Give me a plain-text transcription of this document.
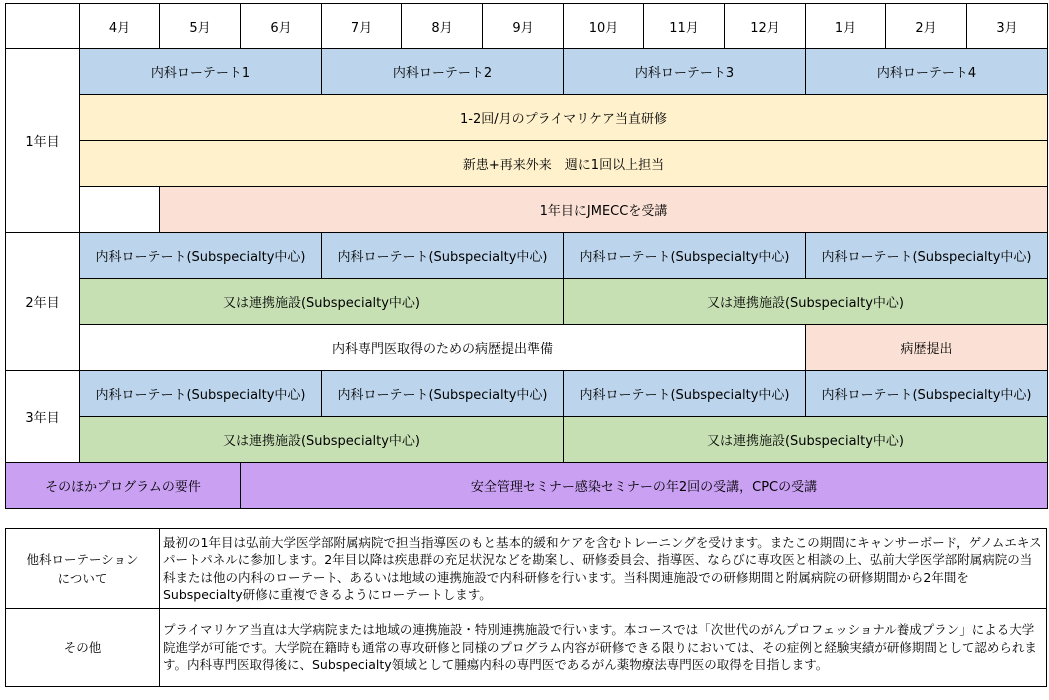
	4月	5月	6月	7月	8月	9月	10月	11月	12月	1月	2月	3月
1年目	内科ローテート1			内科ローテート2			内科ローテート3			内科ローテート4		
	1-2回/月のプライマリケア当直研修											
	新患+再来外来　週に1回以上担当											
		1年目にJMECCを受講										
2年目	内科ローテート(Subspecialty中心)			内科ローテート(Subspecialty中心)			内科ローテート(Subspecialty中心)			内科ローテート(Subspecialty中心)		
	又は連携施設(Subspecialty中心)						又は連携施設(Subspecialty中心)					
	内科専門医取得のための病歴提出準備									病歴提出		
3年目	内科ローテート(Subspecialty中心)			内科ローテート(Subspecialty中心)			内科ローテート(Subspecialty中心)			内科ローテート(Subspecialty中心)		
	又は連携施設(Subspecialty中心)						又は連携施設(Subspecialty中心)					
そのほかプログラムの要件			安全管理セミナー感染セミナーの年2回の受講，CPCの受講									
他科ローテーションについて	最初の1年目は弘前大学医学部附属病院で担当指導医のもと基本的緩和ケアを含むトレーニングを受けます。またこの期間にキャンサーボード，ゲノムエキスパートパネルに参加します。2年目以降は疾患群の充足状況などを勘案し、研修委員会、指導医、ならびに専攻医と相談の上、弘前大学医学部附属病院の当科または他の内科のローテート、あるいは地域の連携施設で内科研修を行います。当科関連施設での研修期間と附属病院の研修期間から2年間をSubspecialty研修に重複できるようにローテートします。
その他	プライマリケア当直は大学病院または地域の連携施設・特別連携施設で行います。本コースでは「次世代のがんプロフェッショナル養成プラン」による大学院進学が可能です。大学院在籍時も通常の専攻研修と同様のプログラム内容が研修できる限りにおいては、その症例と経験実績が研修期間として認められます。内科専門医取得後に、Subspecialty領域として腫瘍内科の専門医であるがん薬物療法専門医の取得を目指します。
